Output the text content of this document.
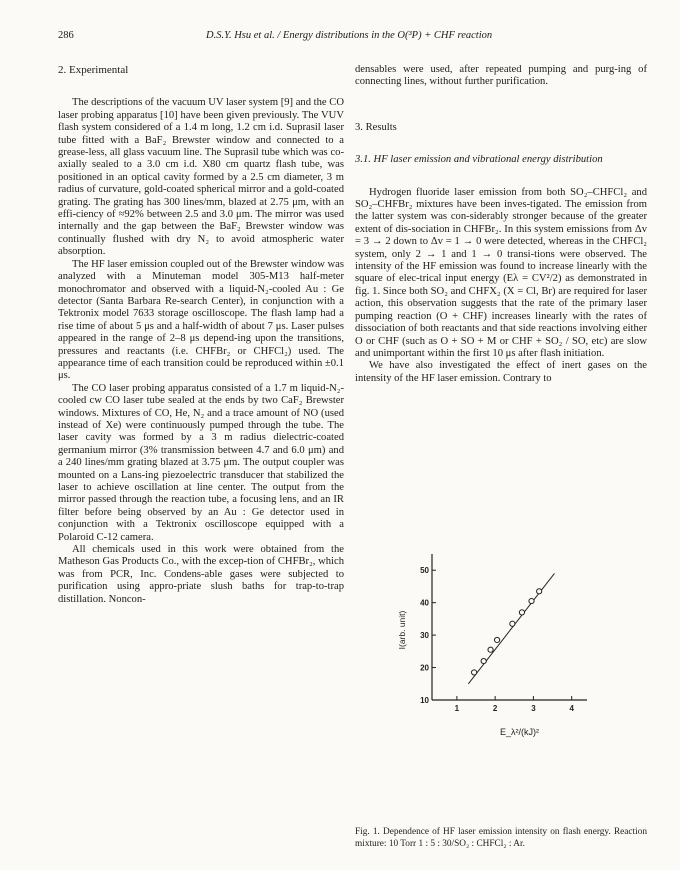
286	D.S.Y. Hsu et al. / Energy distributions in the O(³P) + CHF reaction

2. Experimental

The descriptions of the vacuum UV laser system [9] and the CO laser probing apparatus [10] have been given previously. The VUV flash system considered of a 1.4 m long, 1.2 cm i.d. Suprasil laser tube fitted with a BaF₂ Brewster window and connected to a grease-less, all glass vacuum line. The Suprasil tube which was co-axially sealed to a 3.0 cm i.d. X80 cm quartz flash tube, was positioned in an optical cavity formed by a 2.5 cm diameter, 3 m radius of curvature, gold-coated spherical mirror and a gold-coated grating. The grating has 300 lines/mm, blazed at 2.75 μm, with an effi-ciency of ≈92% between 2.5 and 3.0 μm. The mirror was used internally and the gap between the BaF₂ Brewster window was continually flushed with dry N₂ to avoid atmospheric water absorption.

The HF laser emission coupled out of the Brewster window was analyzed with a Minuteman model 305-M13 half-meter monochromator and observed with a liquid-N₂-cooled Au : Ge detector (Santa Barbara Re-search Center), in conjunction with a Tektronix model 7633 storage oscilloscope. The flash lamp had a rise time of about 5 μs and a half-width of about 7 μs. Laser pulses appeared in the range of 2–8 μs depend-ing upon the transitions, pressures and reactants (i.e. CHFBr₂ or CHFCl₂) used. The appearance time of each transition could be reproduced within ±0.1 μs.

The CO laser probing apparatus consisted of a 1.7 m liquid-N₂-cooled cw CO laser tube sealed at the ends by two CaF₂ Brewster windows. Mixtures of CO, He, N₂ and a trace amount of NO (used instead of Xe) were continuously pumped through the tube. The laser cavity was formed by a 3 m radius dielectric-coated germanium mirror (3% transmission between 4.7 and 6.0 μm) and a 240 lines/mm grating blazed at 3.75 μm. The output coupler was mounted on a Lans-ing piezoelectric transducer that stabilized the laser to achieve oscillation at line center. The output from the mirror passed through the reaction tube, a focusing lens, and an IR filter before being observed by an Au : Ge detector used in conjunction with a Tektronix oscilloscope equipped with a Polaroid C-12 camera.

All chemicals used in this work were obtained from the Matheson Gas Products Co., with the excep-tion of CHFBr₂, which was from PCR, Inc. Condens-able gases were subjected to purification using appro-priate slush baths for trap-to-trap distillation. Noncon-

densables were used, after repeated pumping and purg-ing of connecting lines, without further purification.

3. Results

3.1. HF laser emission and vibrational energy distribution

Hydrogen fluoride laser emission from both SO₂–CHFCl₂ and SO₂–CHFBr₂ mixtures have been inves-tigated. The emission from the latter system was con-siderably stronger because of the greater extent of dis-sociation in CHFBr₂. In this system emissions from Δv = 3 → 2 down to Δv = 1 → 0 were detected, whereas in the CHFCl₂ system, only 2 → 1 and 1 → 0 transi-tions were observed. The intensity of the HF emission was found to increase linearly with the square of elec-trical input energy (Eλ = CV²/2) as demonstrated in fig. 1. Since both SO₂ and CHFX₂ (X = Cl, Br) are required for laser action, this observation suggests that the rate of the primary laser pumping reaction (O + CHF) increases linearly with the rates of dissociation of both reactants and that side reactions involving either O or CHF (such as O + SO + M or CHF + SO₂ / SO, etc) are slow and unimportant within the first 10 μs after flash initiation.

We have also investigated the effect of inert gases on the intensity of the HF laser emission. Contrary to

10
20
30
40
50
1	2	3	4
I(arb. unit)
E_λ²/(kJ)²

Fig. 1. Dependence of HF laser emission intensity on flash energy. Reaction mixture: 10 Torr 1 : 5 : 30/SO₂ : CHFCl₂ : Ar.
